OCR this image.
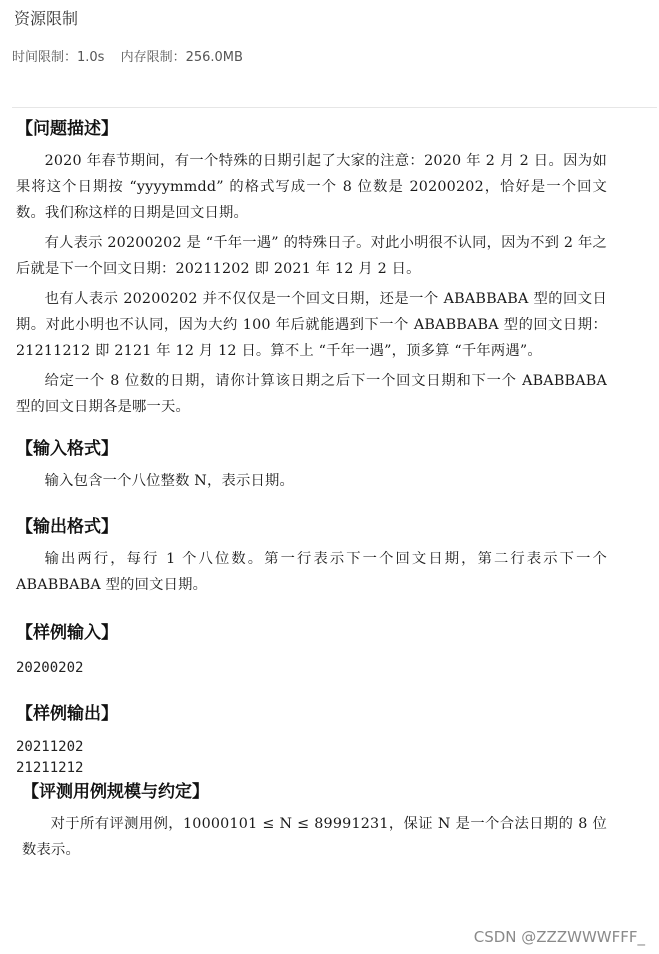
资源限制
时间限制：1.0s 内存限制：256.0MB

【问题描述】

2020 年春节期间，有一个特殊的日期引起了大家的注意：2020 年 2 月 2 日。因为如果将这个日期按 “yyyymmdd” 的格式写成一个 8 位数是 20200202，恰好是一个回文数。我们称这样的日期是回文日期。

有人表示 20200202 是 “千年一遇” 的特殊日子。对此小明很不认同，因为不到 2 年之后就是下一个回文日期：20211202 即 2021 年 12 月 2 日。

也有人表示 20200202 并不仅仅是一个回文日期，还是一个 ABABBABA 型的回文日期。对此小明也不认同，因为大约 100 年后就能遇到下一个 ABABBABA 型的回文日期：21211212 即 2121 年 12 月 12 日。算不上 “千年一遇”，顶多算 “千年两遇”。

给定一个 8 位数的日期，请你计算该日期之后下一个回文日期和下一个 ABABBABA 型的回文日期各是哪一天。

【输入格式】

输入包含一个八位整数 N，表示日期。

【输出格式】

输出两行，每行 1 个八位数。第一行表示下一个回文日期，第二行表示下一个 ABABBABA 型的回文日期。

【样例输入】

20200202

【样例输出】

20211202

21211212

【评测用例规模与约定】

对于所有评测用例，10000101 ≤ N ≤ 89991231，保证 N 是一个合法日期的 8 位数表示。

CSDN @ZZZWWWFFF_
